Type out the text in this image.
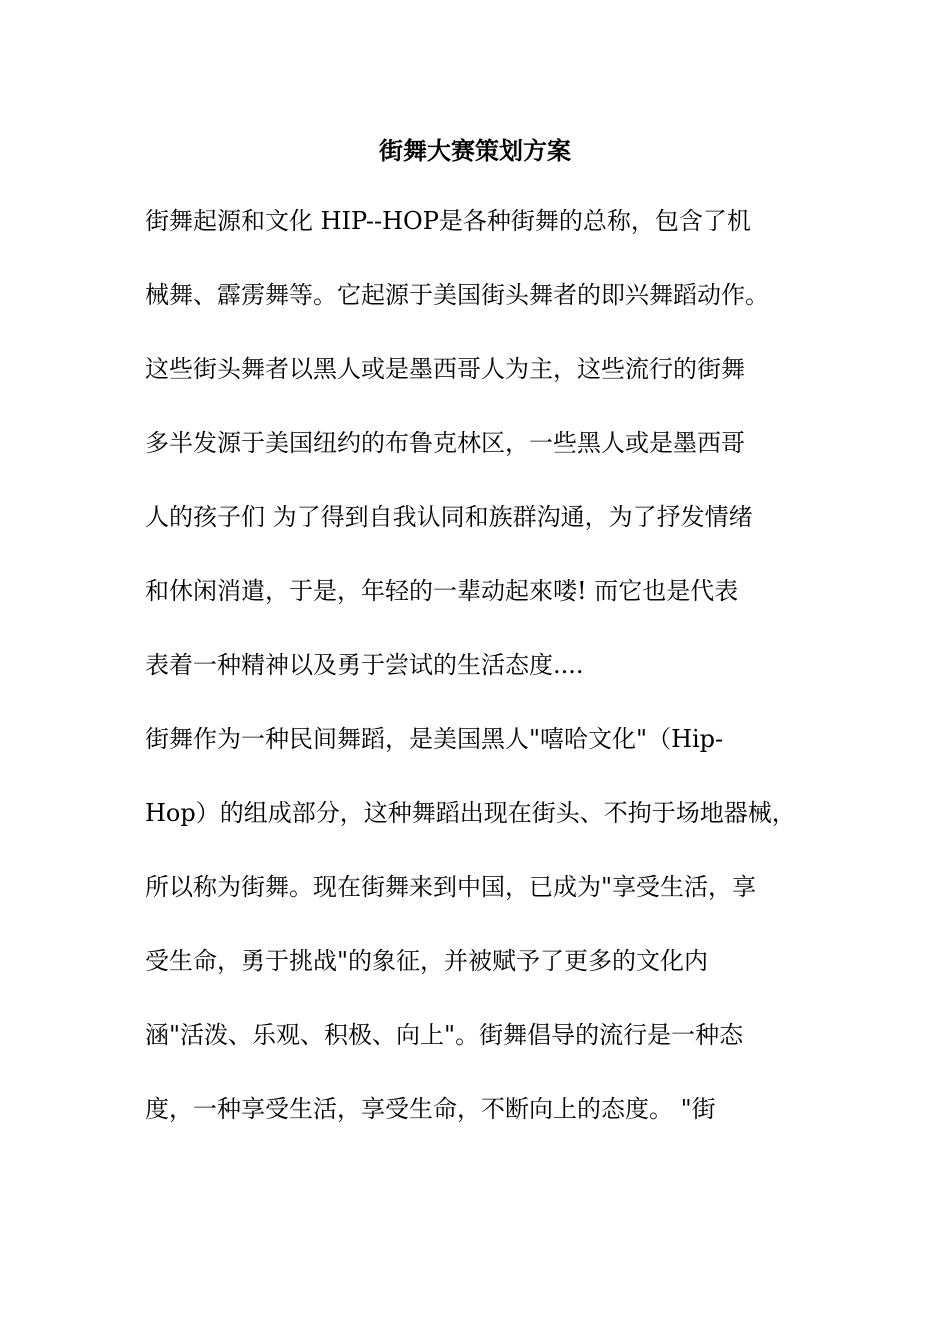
街舞大赛策划方案
街舞起源和文化 HIP--HOP是各种街舞的总称，包含了机
械舞、霹雳舞等。它起源于美国街头舞者的即兴舞蹈动作。
这些街头舞者以黑人或是墨西哥人为主，这些流行的街舞
多半发源于美国纽约的布鲁克林区，一些黑人或是墨西哥
人的孩子们 为了得到自我认同和族群沟通，为了抒发情绪
和休闲消遣，于是，年轻的一辈动起來喽! 而它也是代表
表着一种精神以及勇于尝试的生活态度....
街舞作为一种民间舞蹈，是美国黑人"嘻哈文化"（Hip-
Hop）的组成部分，这种舞蹈出现在街头、不拘于场地器械，
所以称为街舞。现在街舞来到中国，已成为"享受生活，享
受生命，勇于挑战"的象征，并被赋予了更多的文化内
涵"活泼、乐观、积极、向上"。街舞倡导的流行是一种态
度，一种享受生活，享受生命，不断向上的态度。 "街
